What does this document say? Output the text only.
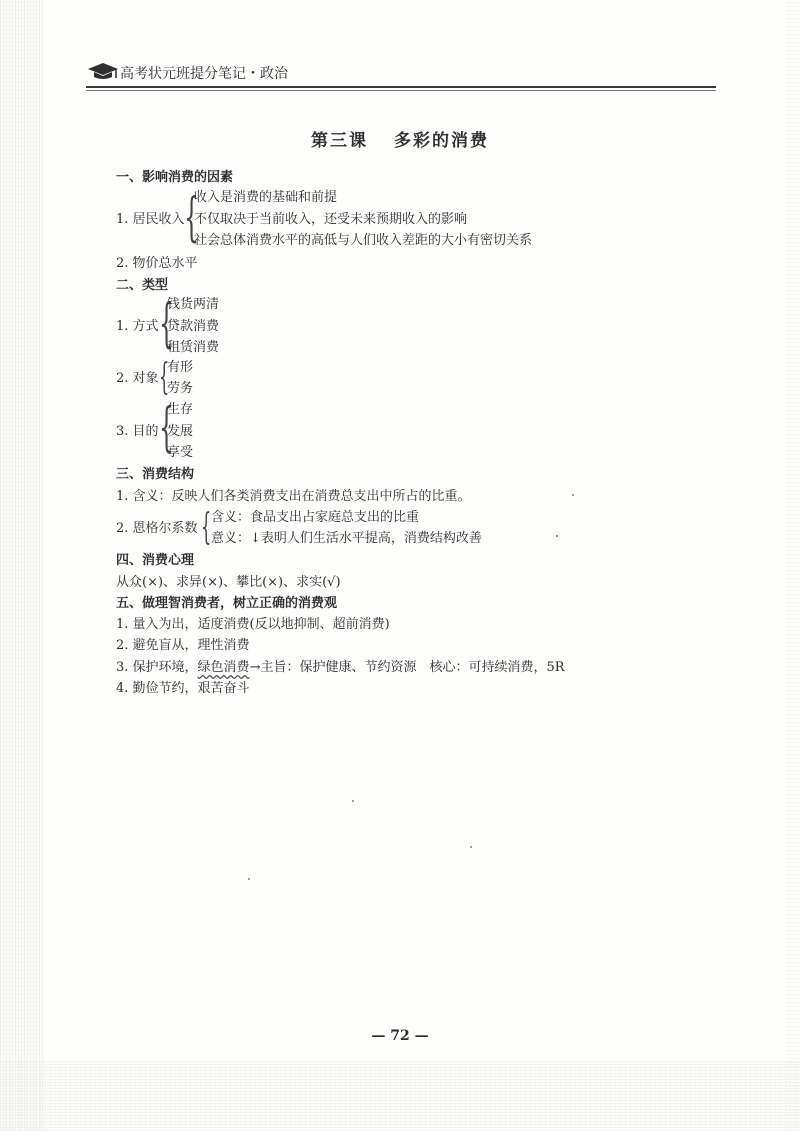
高考状元班提分笔记・政治
第三课 多彩的消费
一、影响消费的因素
1. 居民收入 {
收入是消费的基础和前提
不仅取决于当前收入，还受未来预期收入的影响
社会总体消费水平的高低与人们收入差距的大小有密切关系
2. 物价总水平
二、类型
1. 方式 {
钱货两清
贷款消费
租赁消费
2. 对象 {
有形
劳务
3. 目的 {
生存
发展
享受
三、消费结构
1. 含义：反映人们各类消费支出在消费总支出中所占的比重。
2. 恩格尔系数 { 含义：食品支出占家庭总支出的比重
意义：↓表明人们生活水平提高，消费结构改善
四、消费心理
从众(×)、求异(×)、攀比(×)、求实(√)
五、做理智消费者，树立正确的消费观
1. 量入为出，适度消费(反以地抑制、超前消费)
2. 避免盲从，理性消费
3. 保护环境，绿色消费→主旨：保护健康、节约资源　核心：可持续消费，5R
4. 勤俭节约，艰苦奋斗
— 72 —
